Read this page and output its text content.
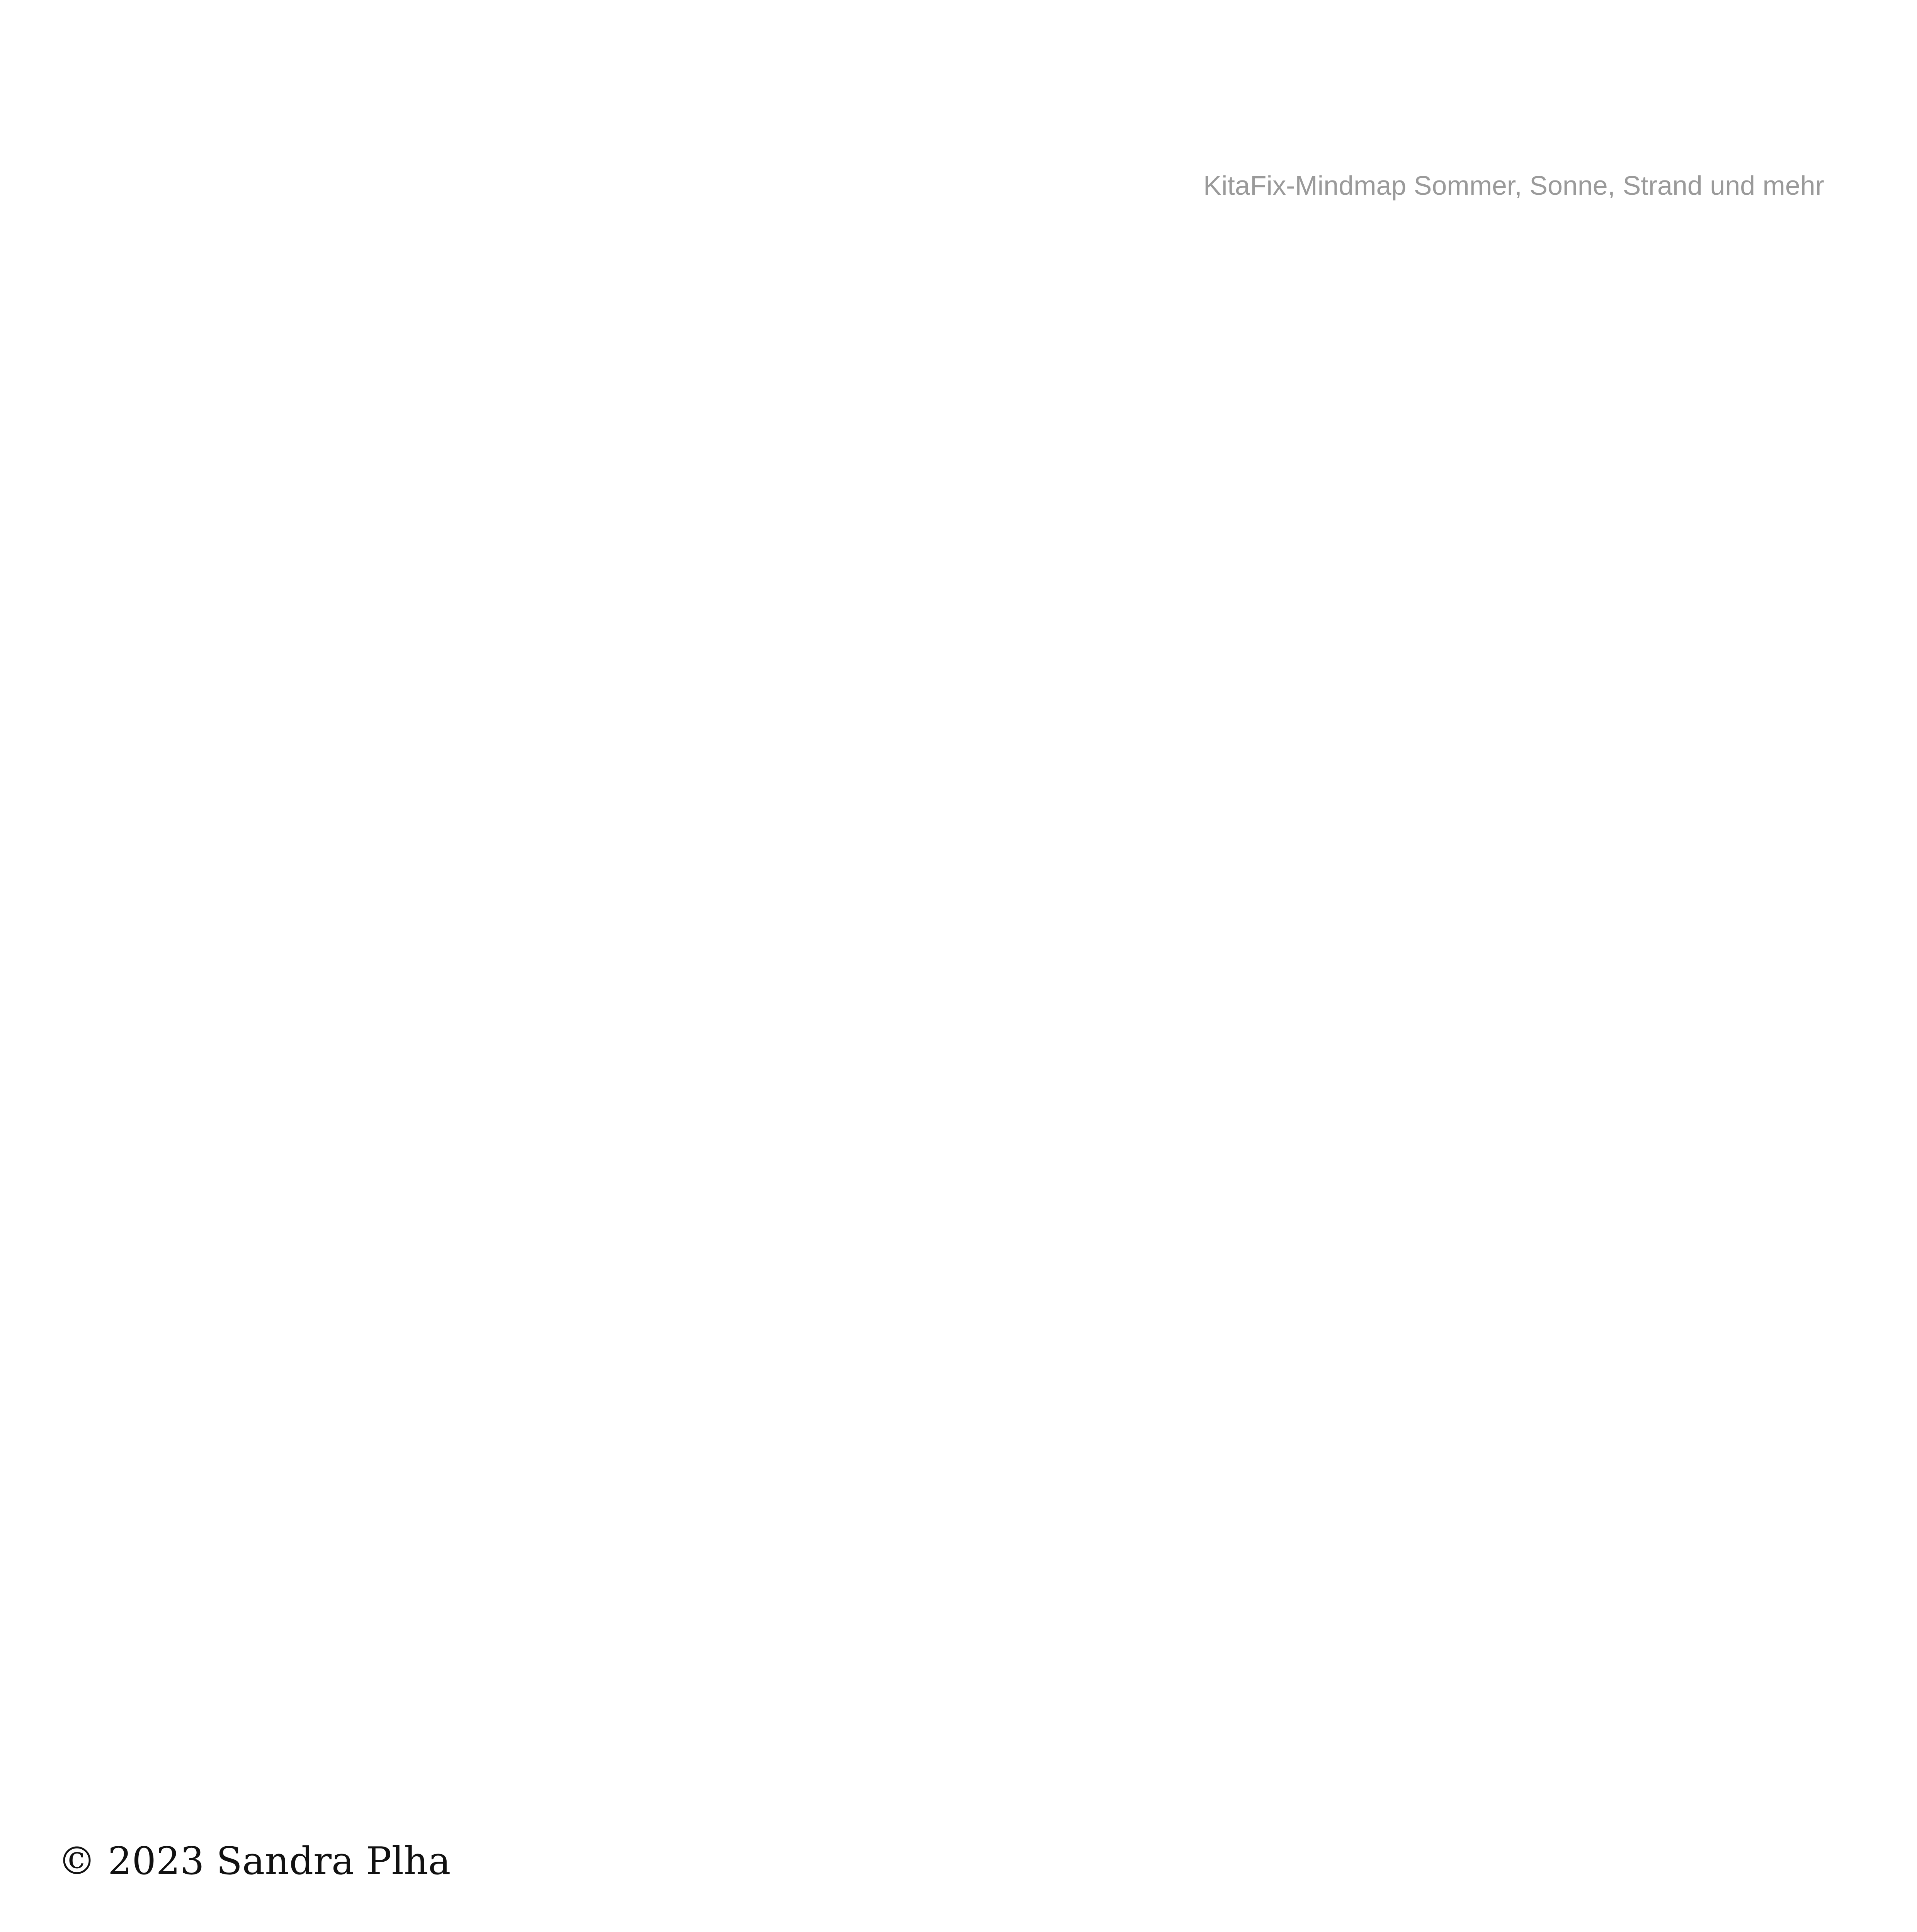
KitaFix-Mindmap Sommer, Sonne, Strand und mehr
© 2023 Sandra Plha
